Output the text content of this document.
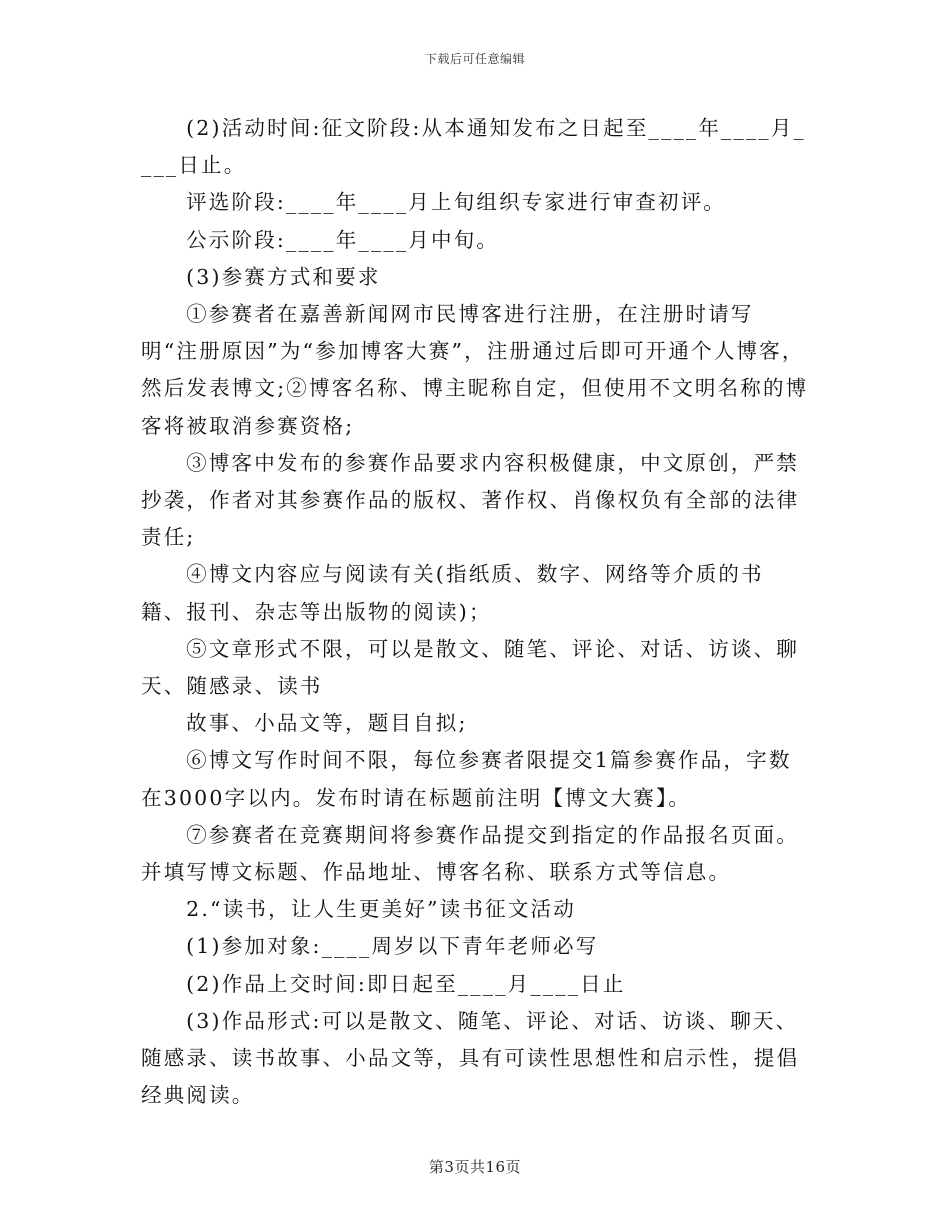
下载后可任意编辑

(2)活动时间:征文阶段:从本通知发布之日起至____年____月____日止。

评选阶段:____年____月上旬组织专家进行审查初评。

公示阶段:____年____月中旬。

(3)参赛方式和要求

①参赛者在嘉善新闻网市民博客进行注册，在注册时请写明“注册原因”为“参加博客大赛”，注册通过后即可开通个人博客，然后发表博文;②博客名称、博主昵称自定，但使用不文明名称的博客将被取消参赛资格;

③博客中发布的参赛作品要求内容积极健康，中文原创，严禁抄袭，作者对其参赛作品的版权、著作权、肖像权负有全部的法律责任;

④博文内容应与阅读有关(指纸质、数字、网络等介质的书籍、报刊、杂志等出版物的阅读)；

⑤文章形式不限，可以是散文、随笔、评论、对话、访谈、聊天、随感录、读书

故事、小品文等，题目自拟;

⑥博文写作时间不限，每位参赛者限提交1篇参赛作品，字数在3000字以内。发布时请在标题前注明【博文大赛】。

⑦参赛者在竞赛期间将参赛作品提交到指定的作品报名页面。并填写博文标题、作品地址、博客名称、联系方式等信息。

2.“读书，让人生更美好”读书征文活动

(1)参加对象:____周岁以下青年老师必写

(2)作品上交时间:即日起至____月____日止

(3)作品形式:可以是散文、随笔、评论、对话、访谈、聊天、随感录、读书故事、小品文等，具有可读性思想性和启示性，提倡经典阅读。

第3页共16页
